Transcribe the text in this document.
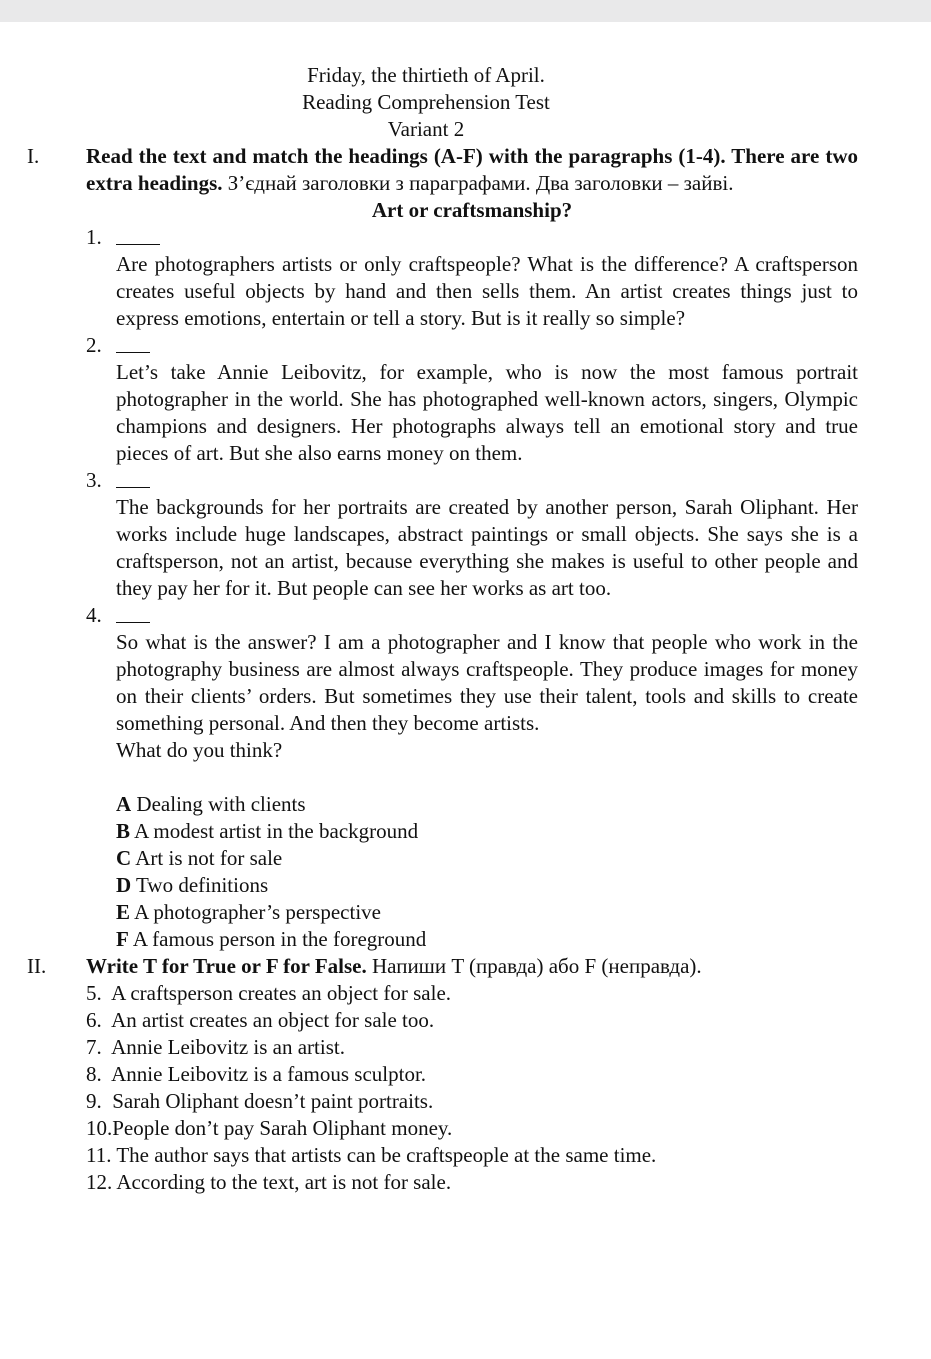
Friday, the thirtieth of April.
Reading Comprehension Test
Variant 2
I. Read the text and match the headings (A-F) with the paragraphs (1-4). There are two extra headings. З’єднай заголовки з параграфами. Два заголовки – зайві.
Art or craftsmanship?
1.
Are photographers artists or only craftspeople? What is the difference? A craftsperson creates useful objects by hand and then sells them. An artist creates things just to express emotions, entertain or tell a story. But is it really so simple?
2.
Let’s take Annie Leibovitz, for example, who is now the most famous portrait photographer in the world. She has photographed well-known actors, singers, Olympic champions and designers. Her photographs always tell an emotional story and true pieces of art. But she also earns money on them.
3.
The backgrounds for her portraits are created by another person, Sarah Oliphant. Her works include huge landscapes, abstract paintings or small objects. She says she is a craftsperson, not an artist, because everything she makes is useful to other people and they pay her for it. But people can see her works as art too.
4.
So what is the answer? I am a photographer and I know that people who work in the photography business are almost always craftspeople. They produce images for money on their clients’ orders. But sometimes they use their talent, tools and skills to create something personal. And then they become artists.
What do you think?
A Dealing with clients
B A modest artist in the background
C Art is not for sale
D Two definitions
E A photographer’s perspective
F A famous person in the foreground
II. Write T for True or F for False. Напиши T (правда) або F (неправда).
5.  A craftsperson creates an object for sale.
6.  An artist creates an object for sale too.
7.  Annie Leibovitz is an artist.
8.  Annie Leibovitz is a famous sculptor.
9.  Sarah Oliphant doesn’t paint portraits.
10.People don’t pay Sarah Oliphant money.
11. The author says that artists can be craftspeople at the same time.
12. According to the text, art is not for sale.
